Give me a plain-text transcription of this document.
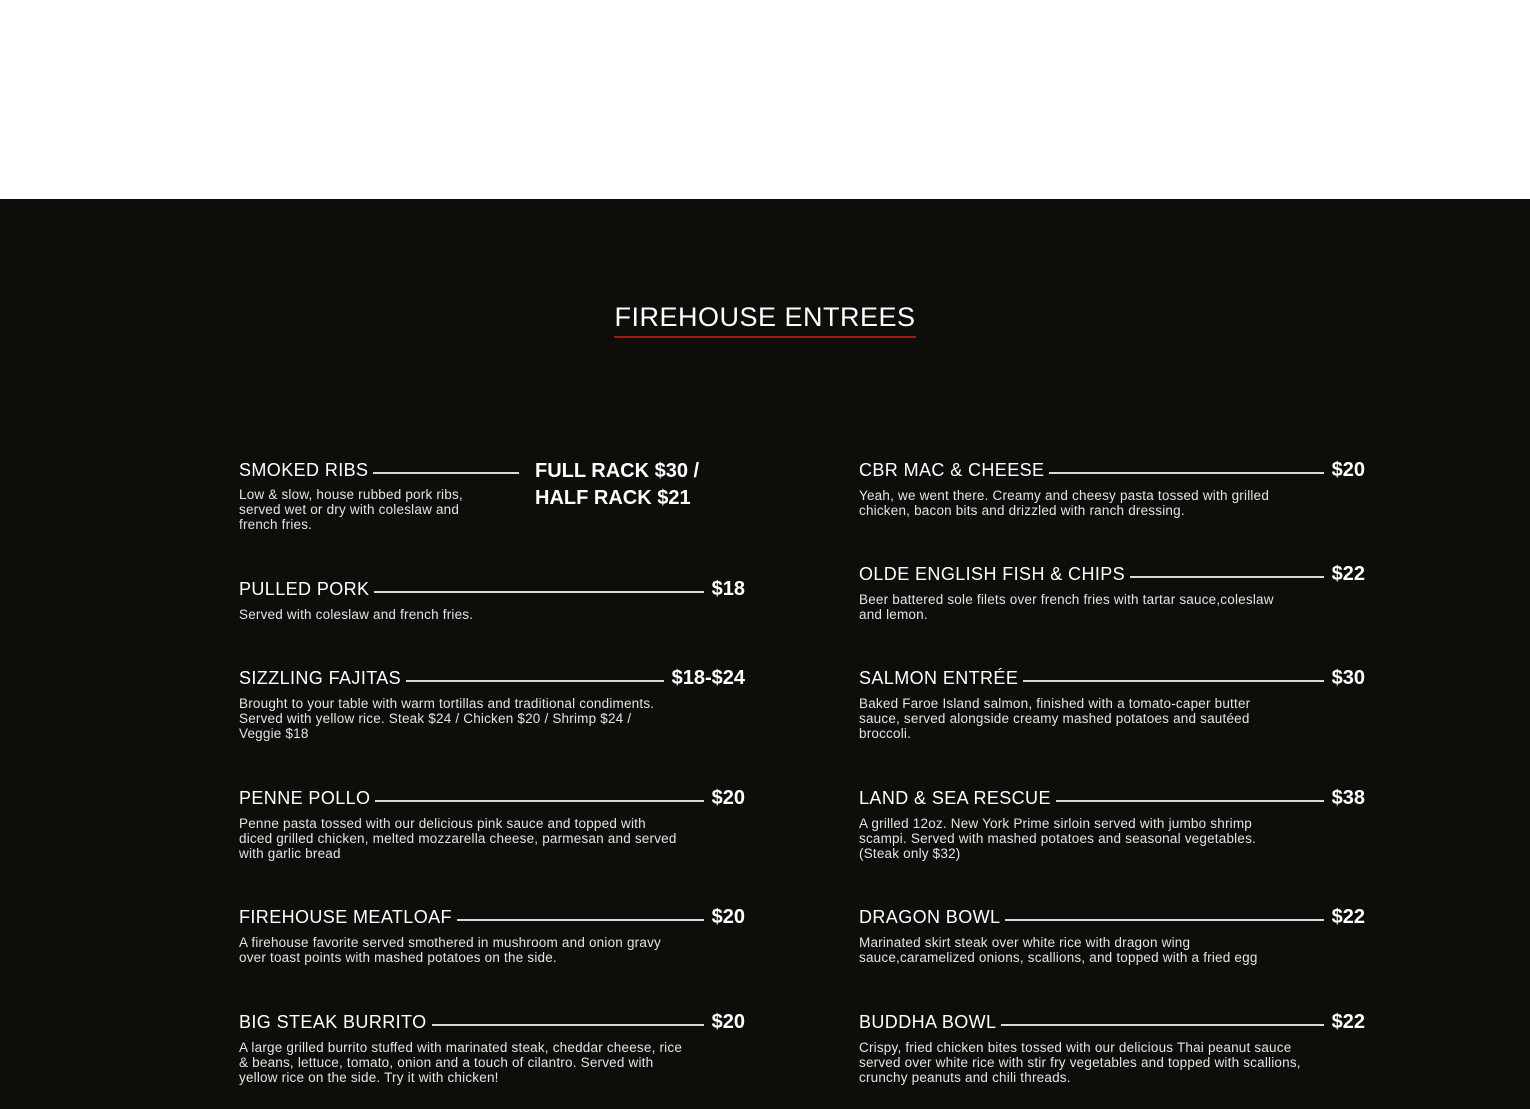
FIREHOUSE ENTREES
SMOKED RIBS	FULL RACK $30 / HALF RACK $21
Low & slow, house rubbed pork ribs, served wet or dry with coleslaw and french fries.
PULLED PORK	$18
Served with coleslaw and french fries.
SIZZLING FAJITAS	$18-$24
Brought to your table with warm tortillas and traditional condiments. Served with yellow rice. Steak $24 / Chicken $20 / Shrimp $24 / Veggie $18
PENNE POLLO	$20
Penne pasta tossed with our delicious pink sauce and topped with diced grilled chicken, melted mozzarella cheese, parmesan and served with garlic bread
FIREHOUSE MEATLOAF	$20
A firehouse favorite served smothered in mushroom and onion gravy over toast points with mashed potatoes on the side.
BIG STEAK BURRITO	$20
A large grilled burrito stuffed with marinated steak, cheddar cheese, rice & beans, lettuce, tomato, onion and a touch of cilantro. Served with yellow rice on the side. Try it with chicken!
CBR MAC & CHEESE	$20
Yeah, we went there. Creamy and cheesy pasta tossed with grilled chicken, bacon bits and drizzled with ranch dressing.
OLDE ENGLISH FISH & CHIPS	$22
Beer battered sole filets over french fries with tartar sauce,coleslaw and lemon.
SALMON ENTRÉE	$30
Baked Faroe Island salmon, finished with a tomato-caper butter sauce, served alongside creamy mashed potatoes and sautéed broccoli.
LAND & SEA RESCUE	$38
A grilled 12oz. New York Prime sirloin served with jumbo shrimp scampi. Served with mashed potatoes and seasonal vegetables. (Steak only $32)
DRAGON BOWL	$22
Marinated skirt steak over white rice with dragon wing sauce,caramelized onions, scallions, and topped with a fried egg
BUDDHA BOWL	$22
Crispy, fried chicken bites tossed with our delicious Thai peanut sauce served over white rice with stir fry vegetables and topped with scallions, crunchy peanuts and chili threads.
